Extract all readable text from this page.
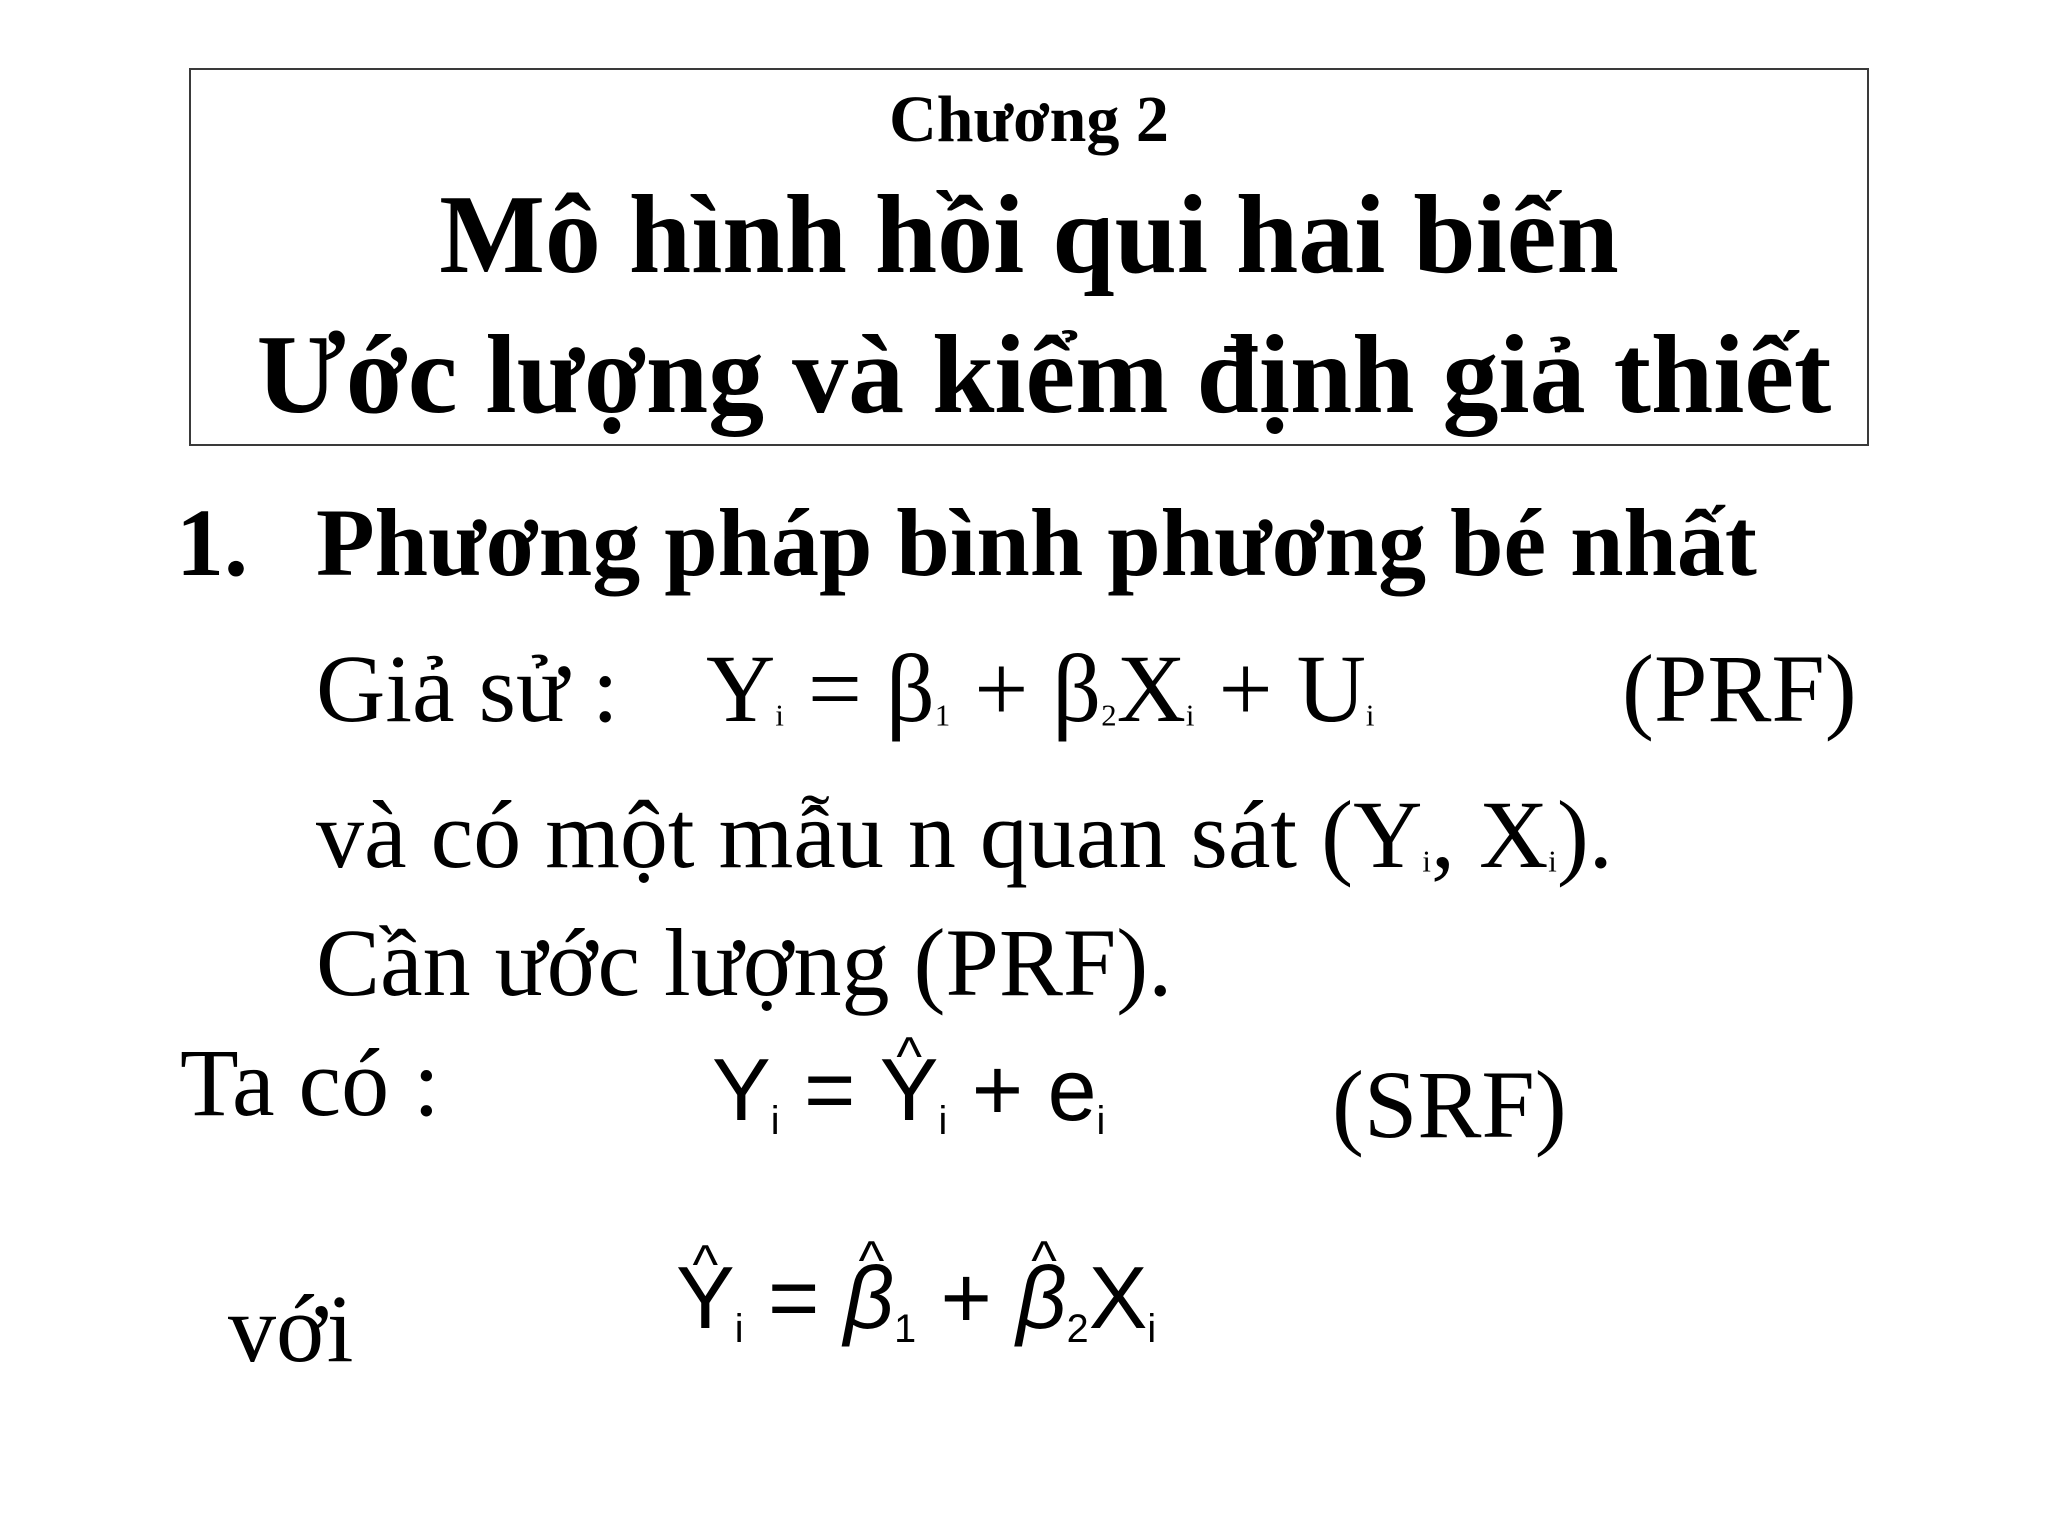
Chương 2
Mô hình hồi qui hai biến
Ước lượng và kiểm định giả thiết
1. Phương pháp bình phương bé nhất
Giả sử : $Y_i = \beta_1 + \beta_2X_i + U_i$	(PRF)
và có một mẫu n quan sát ($Y_i$, $X_i$).
Cần ước lượng (PRF).
Ta có :	$Y_i$ = ^ $Y_i + e_i$ (SRF)
với
^	$Y_i$ = ^ $\beta_1$ + ^ $\beta_2X_i$
